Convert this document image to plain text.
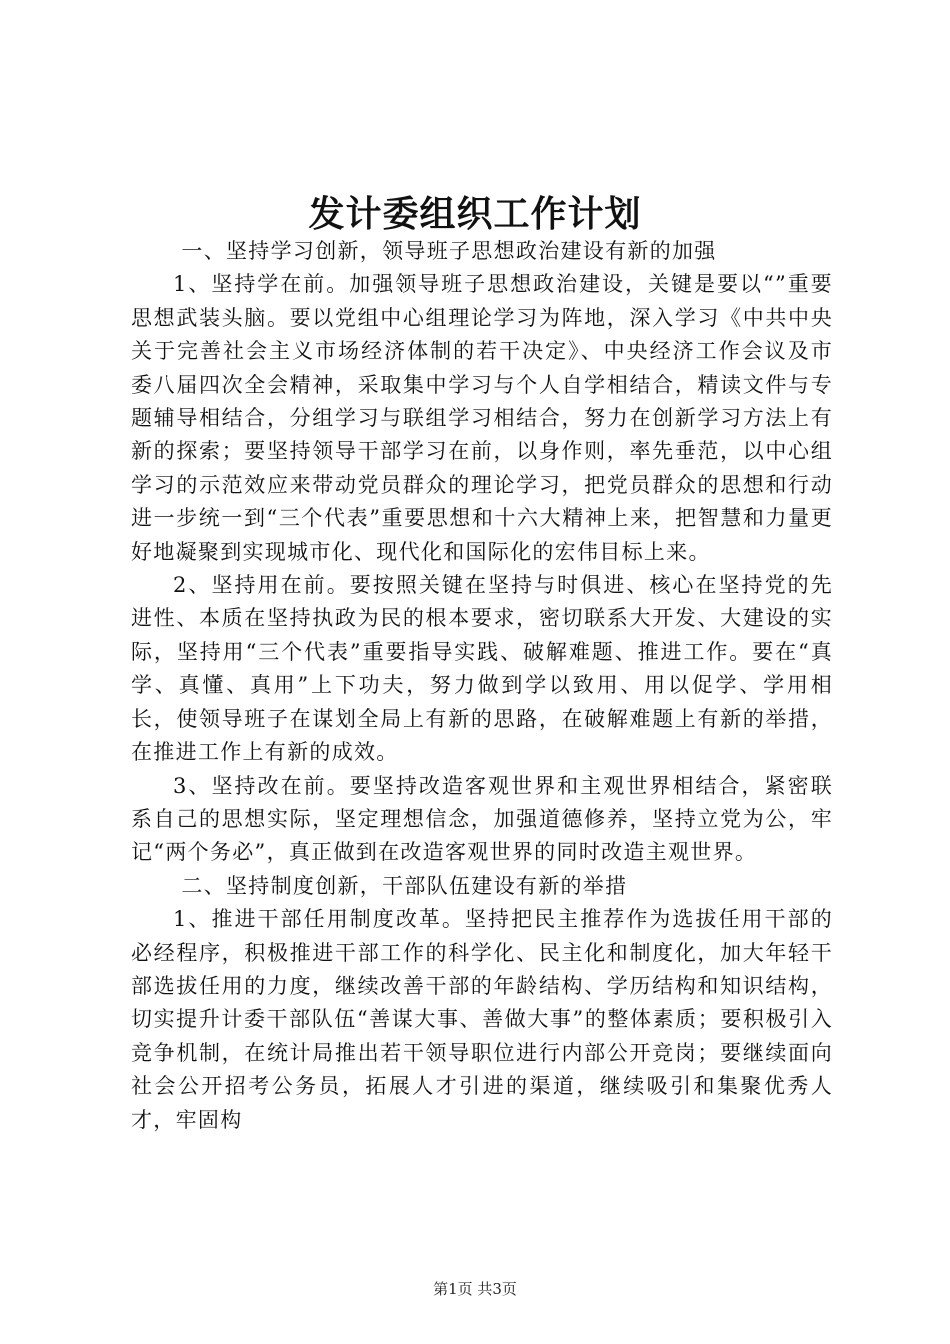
发计委组织工作计划

一、坚持学习创新，领导班子思想政治建设有新的加强

1、坚持学在前。加强领导班子思想政治建设，关键是要以“”重要思想武装头脑。要以党组中心组理论学习为阵地，深入学习《中共中央关于完善社会主义市场经济体制的若干决定》、中央经济工作会议及市委八届四次全会精神，采取集中学习与个人自学相结合，精读文件与专题辅导相结合，分组学习与联组学习相结合，努力在创新学习方法上有新的探索；要坚持领导干部学习在前，以身作则，率先垂范，以中心组学习的示范效应来带动党员群众的理论学习，把党员群众的思想和行动进一步统一到“三个代表”重要思想和十六大精神上来，把智慧和力量更好地凝聚到实现城市化、现代化和国际化的宏伟目标上来。

2、坚持用在前。要按照关键在坚持与时俱进、核心在坚持党的先进性、本质在坚持执政为民的根本要求，密切联系大开发、大建设的实际，坚持用“三个代表”重要指导实践、破解难题、推进工作。要在“真学、真懂、真用”上下功夫，努力做到学以致用、用以促学、学用相长，使领导班子在谋划全局上有新的思路，在破解难题上有新的举措，在推进工作上有新的成效。

3、坚持改在前。要坚持改造客观世界和主观世界相结合，紧密联系自己的思想实际，坚定理想信念，加强道德修养，坚持立党为公，牢记“两个务必”，真正做到在改造客观世界的同时改造主观世界。

二、坚持制度创新，干部队伍建设有新的举措

1、推进干部任用制度改革。坚持把民主推荐作为选拔任用干部的必经程序，积极推进干部工作的科学化、民主化和制度化，加大年轻干部选拔任用的力度，继续改善干部的年龄结构、学历结构和知识结构，切实提升计委干部队伍“善谋大事、善做大事”的整体素质；要积极引入竞争机制，在统计局推出若干领导职位进行内部公开竞岗；要继续面向社会公开招考公务员，拓展人才引进的渠道，继续吸引和集聚优秀人才，牢固构

第1页 共3页
